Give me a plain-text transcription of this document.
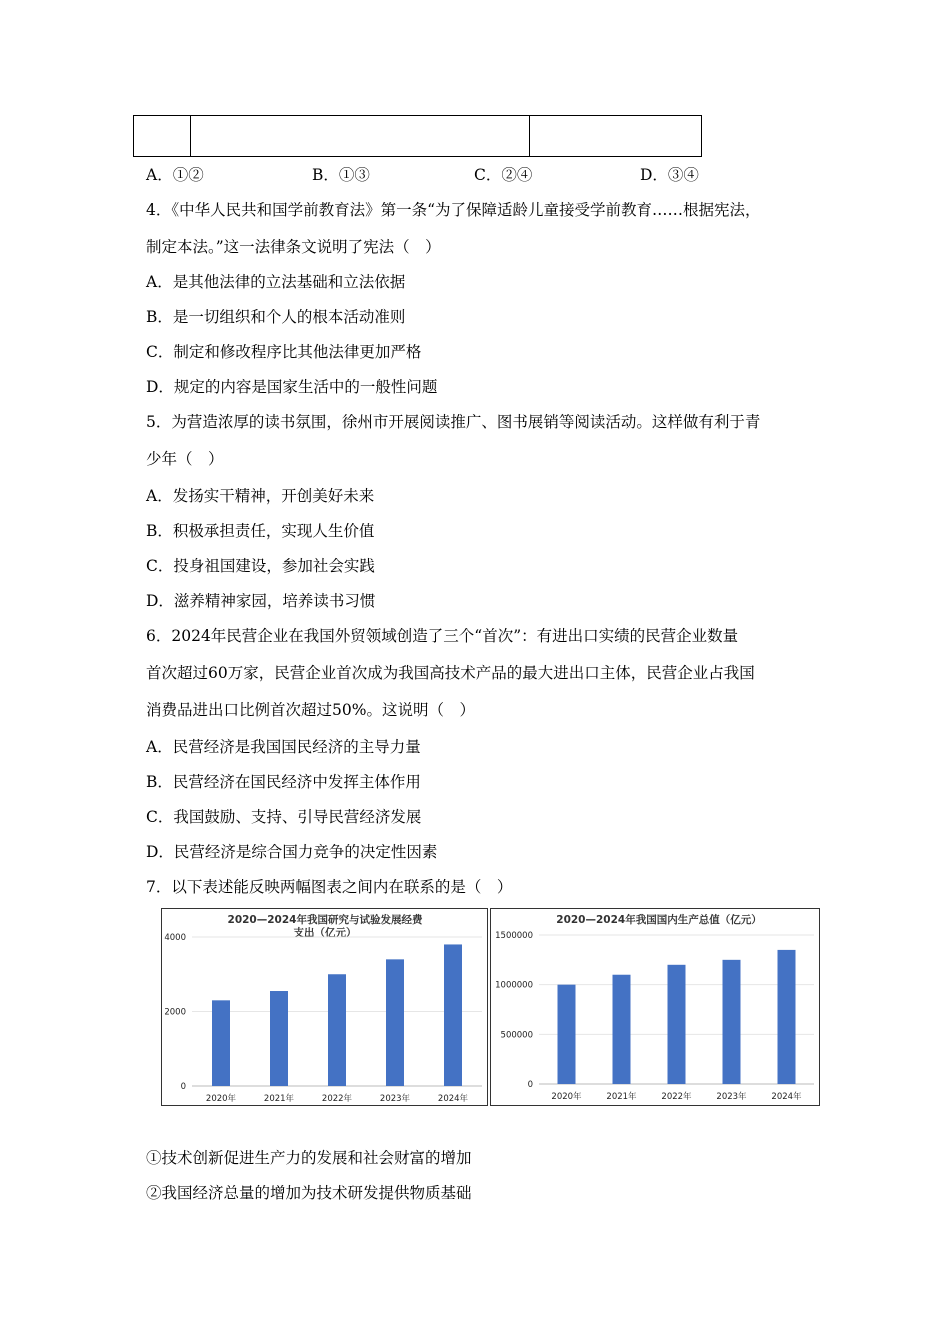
A．①②	B．①③	C．②④	D．③④
4．《中华人民共和国学前教育法》第一条“为了保障适龄儿童接受学前教育……根据宪法，
制定本法。”这一法律条文说明了宪法（　）
A．是其他法律的立法基础和立法依据
B．是一切组织和个人的根本活动准则
C．制定和修改程序比其他法律更加严格
D．规定的内容是国家生活中的一般性问题
5．为营造浓厚的读书氛围，徐州市开展阅读推广、图书展销等阅读活动。这样做有利于青
少年（　）
A．发扬实干精神，开创美好未来
B．积极承担责任，实现人生价值
C．投身祖国建设，参加社会实践
D．滋养精神家园，培养读书习惯
6．2024年民营企业在我国外贸领域创造了三个“首次”：有进出口实绩的民营企业数量
首次超过60万家，民营企业首次成为我国高技术产品的最大进出口主体，民营企业占我国
消费品进出口比例首次超过50%。这说明（　）
A．民营经济是我国国民经济的主导力量
B．民营经济在国民经济中发挥主体作用
C．我国鼓励、支持、引导民营经济发展
D．民营经济是综合国力竞争的决定性因素
7．以下表述能反映两幅图表之间内在联系的是（　）
2020—2024年我国研究与试验发展经费
支出（亿元）
0
2000
4000
2020年	2021年	2022年	2023年	2024年
2020—2024年我国国内生产总值（亿元）
0
500000
1000000
1500000
2020年	2021年	2022年	2023年	2024年
①技术创新促进生产力的发展和社会财富的增加
②我国经济总量的增加为技术研发提供物质基础
